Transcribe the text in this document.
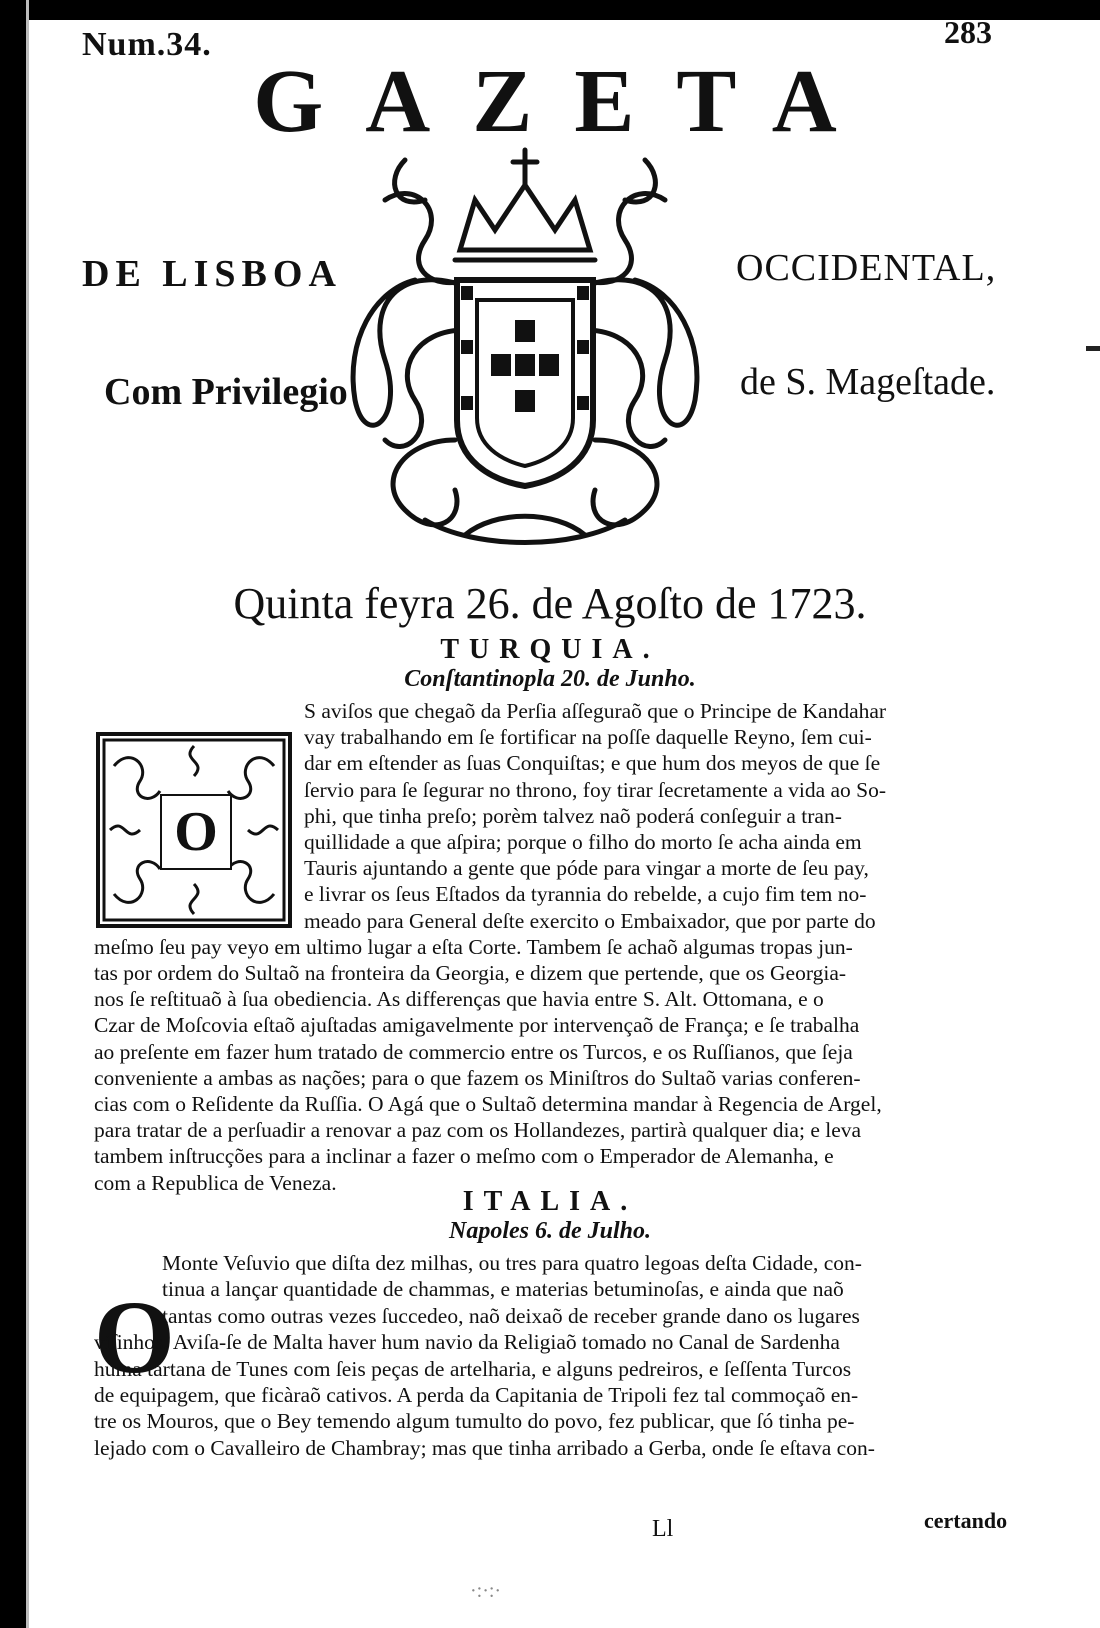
Num.34.	283
GAZETA
DE LISBOA	OCCIDENTAL,
Com Privilegio	de S. Mageſtade.
Quinta feyra 26. de Agoſto de 1723.
TURQUIA.
Conſtantinopla 20. de Junho.
O
S aviſos que chegaõ da Perſia aſſeguraõ que o Principe de Kandahar
vay trabalhando em ſe fortificar na poſſe daquelle Reyno, ſem cui-
dar em eſtender as ſuas Conquiſtas; e que hum dos meyos de que ſe
ſervio para ſe ſegurar no throno, foy tirar ſecretamente a vida ao So-
phi, que tinha preſo; porèm talvez naõ poderá conſeguir a tran-
quillidade a que aſpira; porque o filho do morto ſe acha ainda em
Tauris ajuntando a gente que póde para vingar a morte de ſeu pay,
e livrar os ſeus Eſtados da tyrannia do rebelde, a cujo fim tem no-
meado para General deſte exercito o Embaixador, que por parte do
meſmo ſeu pay veyo em ultimo lugar a eſta Corte. Tambem ſe achaõ algumas tropas jun-
tas por ordem do Sultaõ na fronteira da Georgia, e dizem que pertende, que os Georgia-
nos ſe reſtituaõ à ſua obediencia. As differenças que havia entre S. Alt. Ottomana, e o
Czar de Moſcovia eſtaõ ajuſtadas amigavelmente por intervençaõ de França; e ſe trabalha
ao preſente em fazer hum tratado de commercio entre os Turcos, e os Ruſſianos, que ſeja
conveniente a ambas as nações; para o que fazem os Miniſtros do Sultaõ varias conferen-
cias com o Reſidente da Ruſſia. O Agá que o Sultaõ determina mandar à Regencia de Argel,
para tratar de a perſuadir a renovar a paz com os Hollandezes, partirà qualquer dia; e leva
tambem inſtrucções para a inclinar a fazer o meſmo com o Emperador de Alemanha, e
com a Republica de Veneza.
ITALIA.
Napoles 6. de Julho.
O
Monte Veſuvio que diſta dez milhas, ou tres para quatro legoas deſta Cidade, con-
tinua a lançar quantidade de chammas, e materias betuminoſas, e ainda que naõ
tantas como outras vezes ſuccedeo, naõ deixaõ de receber grande dano os lugares
viſinhos. Aviſa-ſe de Malta haver hum navio da Religiaõ tomado no Canal de Sardenha
huma tartana de Tunes com ſeis peças de artelharia, e alguns pedreiros, e ſeſſenta Turcos
de equipagem, que ficàraõ cativos. A perda da Capitania de Tripoli fez tal commoçaõ en-
tre os Mouros, que o Bey temendo algum tumulto do povo, fez publicar, que ſó tinha pe-
lejado com o Cavalleiro de Chambray; mas que tinha arribado a Gerba, onde ſe eſtava con-
Ll	certando
·:·:·
